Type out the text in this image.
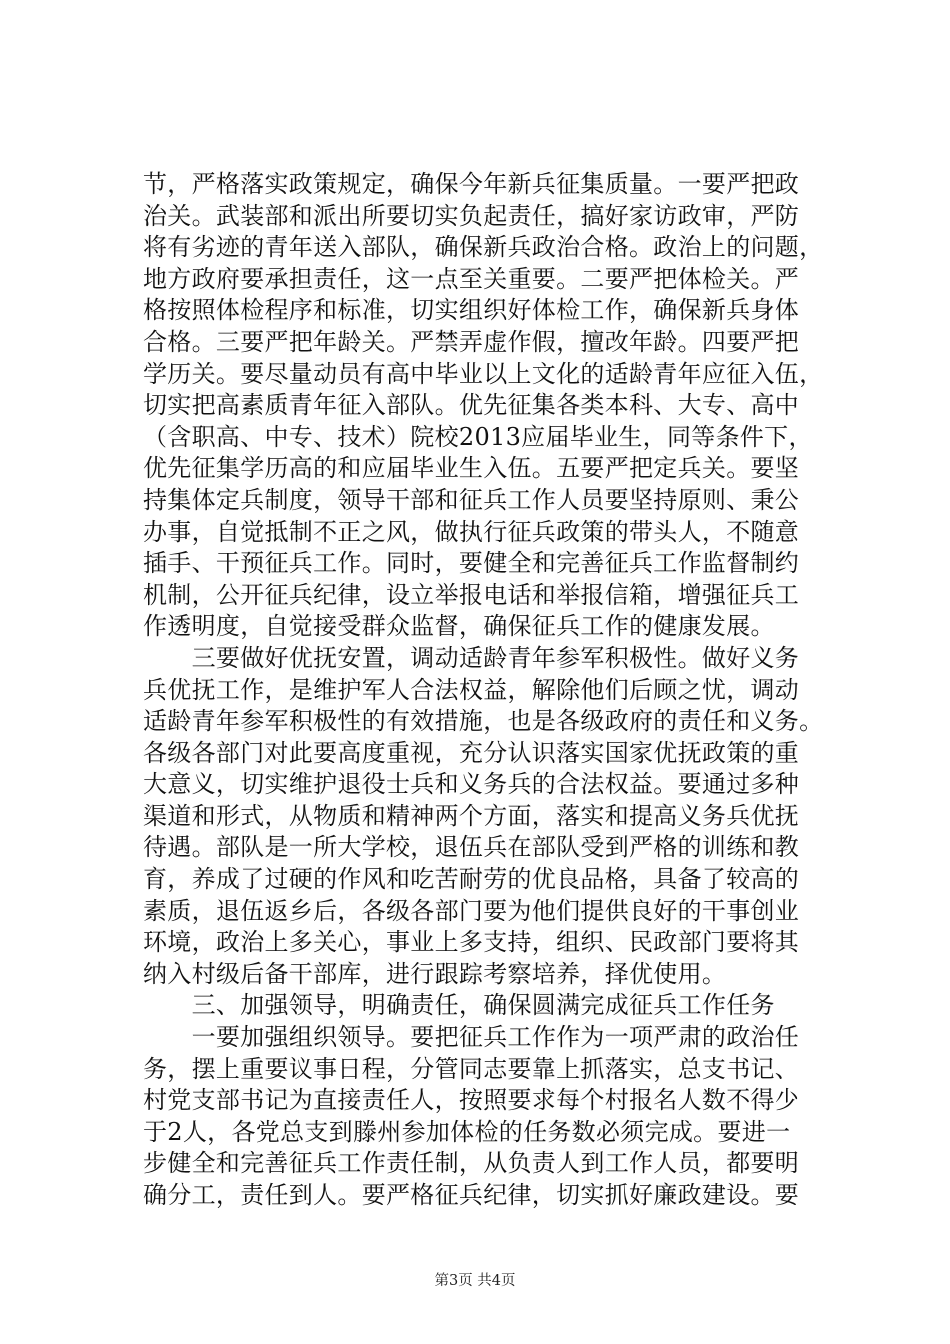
节，严格落实政策规定，确保今年新兵征集质量。一要严把政
治关。武装部和派出所要切实负起责任，搞好家访政审，严防
将有劣迹的青年送入部队，确保新兵政治合格。政治上的问题，
地方政府要承担责任，这一点至关重要。二要严把体检关。严
格按照体检程序和标准，切实组织好体检工作，确保新兵身体
合格。三要严把年龄关。严禁弄虚作假，擅改年龄。四要严把
学历关。要尽量动员有高中毕业以上文化的适龄青年应征入伍，
切实把高素质青年征入部队。优先征集各类本科、大专、高中
（含职高、中专、技术）院校2013应届毕业生，同等条件下，
优先征集学历高的和应届毕业生入伍。五要严把定兵关。要坚
持集体定兵制度，领导干部和征兵工作人员要坚持原则、秉公
办事，自觉抵制不正之风，做执行征兵政策的带头人，不随意
插手、干预征兵工作。同时，要健全和完善征兵工作监督制约
机制，公开征兵纪律，设立举报电话和举报信箱，增强征兵工
作透明度，自觉接受群众监督，确保征兵工作的健康发展。
　　三要做好优抚安置，调动适龄青年参军积极性。做好义务
兵优抚工作，是维护军人合法权益，解除他们后顾之忧，调动
适龄青年参军积极性的有效措施，也是各级政府的责任和义务。
各级各部门对此要高度重视，充分认识落实国家优抚政策的重
大意义，切实维护退役士兵和义务兵的合法权益。要通过多种
渠道和形式，从物质和精神两个方面，落实和提高义务兵优抚
待遇。部队是一所大学校，退伍兵在部队受到严格的训练和教
育，养成了过硬的作风和吃苦耐劳的优良品格，具备了较高的
素质，退伍返乡后，各级各部门要为他们提供良好的干事创业
环境，政治上多关心，事业上多支持，组织、民政部门要将其
纳入村级后备干部库，进行跟踪考察培养，择优使用。
　　三、加强领导，明确责任，确保圆满完成征兵工作任务
　　一要加强组织领导。要把征兵工作作为一项严肃的政治任
务，摆上重要议事日程，分管同志要靠上抓落实，总支书记、
村党支部书记为直接责任人，按照要求每个村报名人数不得少
于2人，各党总支到滕州参加体检的任务数必须完成。要进一
步健全和完善征兵工作责任制，从负责人到工作人员，都要明
确分工，责任到人。要严格征兵纪律，切实抓好廉政建设。要
第3页 共4页
